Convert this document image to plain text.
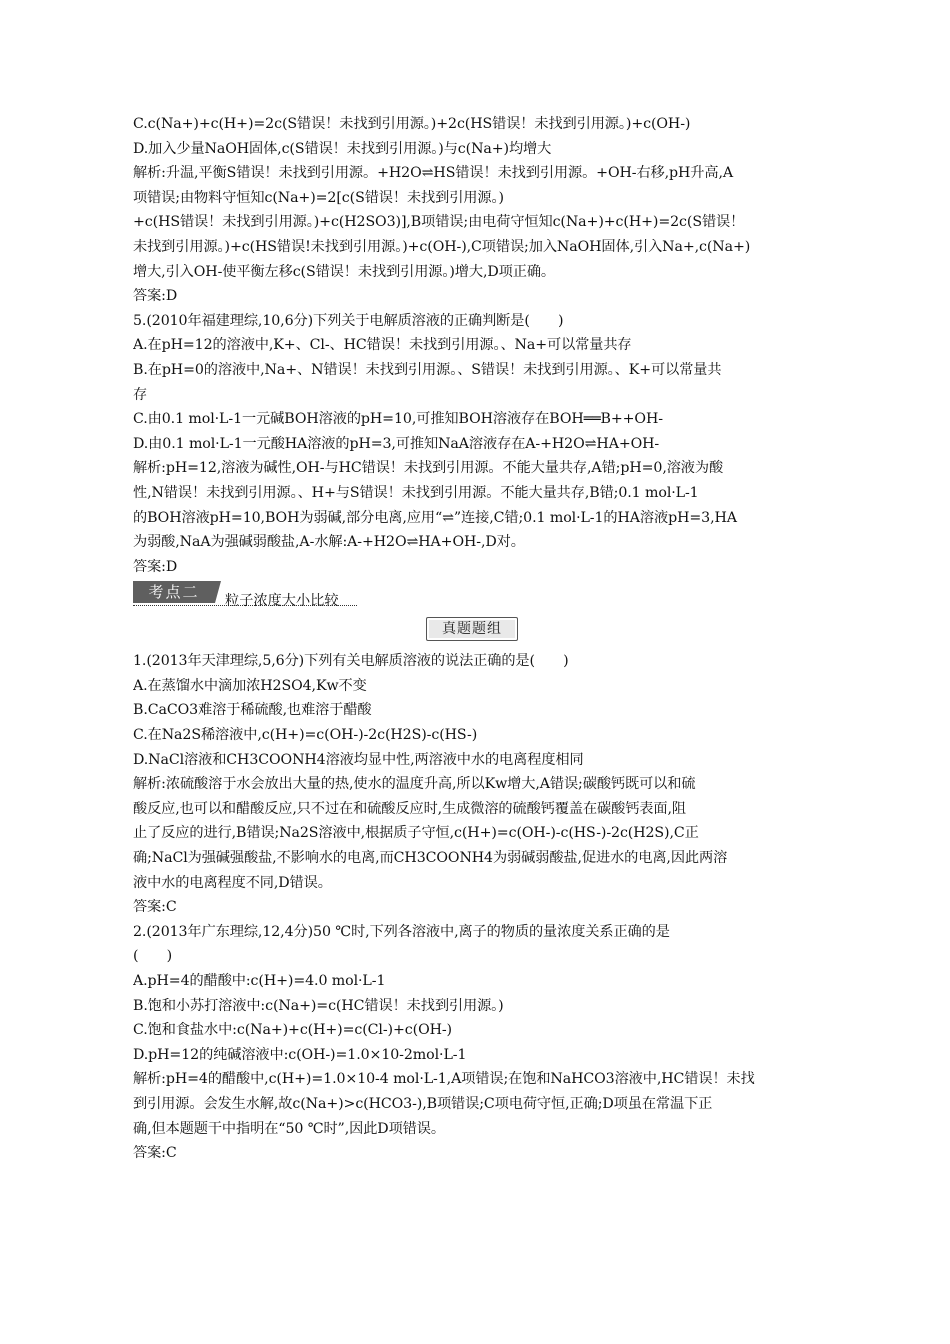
C.c(Na+)+c(H+)=2c(S错误！未找到引用源。)+2c(HS错误！未找到引用源。)+c(OH-)
D.加入少量NaOH固体,c(S错误！未找到引用源。)与c(Na+)均增大
解析:升温,平衡S错误！未找到引用源。+H2O⇌HS错误！未找到引用源。+OH-右移,pH升高,A
项错误;由物料守恒知c(Na+)=2[c(S错误！未找到引用源。)
+c(HS错误！未找到引用源。)+c(H2SO3)],B项错误;由电荷守恒知c(Na+)+c(H+)=2c(S错误！
未找到引用源。)+c(HS错误!未找到引用源。)+c(OH-),C项错误;加入NaOH固体,引入Na+,c(Na+)
增大,引入OH-使平衡左移c(S错误！未找到引用源。)增大,D项正确。
答案:D
5.(2010年福建理综,10,6分)下列关于电解质溶液的正确判断是(　　)
A.在pH=12的溶液中,K+、Cl-、HC错误！未找到引用源。、Na+可以常量共存
B.在pH=0的溶液中,Na+、N错误！未找到引用源。、S错误！未找到引用源。、K+可以常量共
存
C.由0.1 mol·L-1一元碱BOH溶液的pH=10,可推知BOH溶液存在BOH══B++OH-
D.由0.1 mol·L-1一元酸HA溶液的pH=3,可推知NaA溶液存在A-+H2O⇌HA+OH-
解析:pH=12,溶液为碱性,OH-与HC错误！未找到引用源。不能大量共存,A错;pH=0,溶液为酸
性,N错误！未找到引用源。、H+与S错误！未找到引用源。不能大量共存,B错;0.1 mol·L-1
的BOH溶液pH=10,BOH为弱碱,部分电离,应用“⇌”连接,C错;0.1 mol·L-1的HA溶液pH=3,HA
为弱酸,NaA为强碱弱酸盐,A-水解:A-+H2O⇌HA+OH-,D对。
答案:D
考点二	粒子浓度大小比较
真题题组
1.(2013年天津理综,5,6分)下列有关电解质溶液的说法正确的是(　　)
A.在蒸馏水中滴加浓H2SO4,Kw不变
B.CaCO3难溶于稀硫酸,也难溶于醋酸
C.在Na2S稀溶液中,c(H+)=c(OH-)-2c(H2S)-c(HS-)
D.NaCl溶液和CH3COONH4溶液均显中性,两溶液中水的电离程度相同
解析:浓硫酸溶于水会放出大量的热,使水的温度升高,所以Kw增大,A错误;碳酸钙既可以和硫
酸反应,也可以和醋酸反应,只不过在和硫酸反应时,生成微溶的硫酸钙覆盖在碳酸钙表面,阻
止了反应的进行,B错误;Na2S溶液中,根据质子守恒,c(H+)=c(OH-)-c(HS-)-2c(H2S),C正
确;NaCl为强碱强酸盐,不影响水的电离,而CH3COONH4为弱碱弱酸盐,促进水的电离,因此两溶
液中水的电离程度不同,D错误。
答案:C
2.(2013年广东理综,12,4分)50 ℃时,下列各溶液中,离子的物质的量浓度关系正确的是
(　　)
A.pH=4的醋酸中:c(H+)=4.0 mol·L-1
B.饱和小苏打溶液中:c(Na+)=c(HC错误！未找到引用源。)
C.饱和食盐水中:c(Na+)+c(H+)=c(Cl-)+c(OH-)
D.pH=12的纯碱溶液中:c(OH-)=1.0×10-2mol·L-1
解析:pH=4的醋酸中,c(H+)=1.0×10-4 mol·L-1,A项错误;在饱和NaHCO3溶液中,HC错误！未找
到引用源。会发生水解,故c(Na+)>c(HCO3-),B项错误;C项电荷守恒,正确;D项虽在常温下正
确,但本题题干中指明在“50 ℃时”,因此D项错误。
答案:C
